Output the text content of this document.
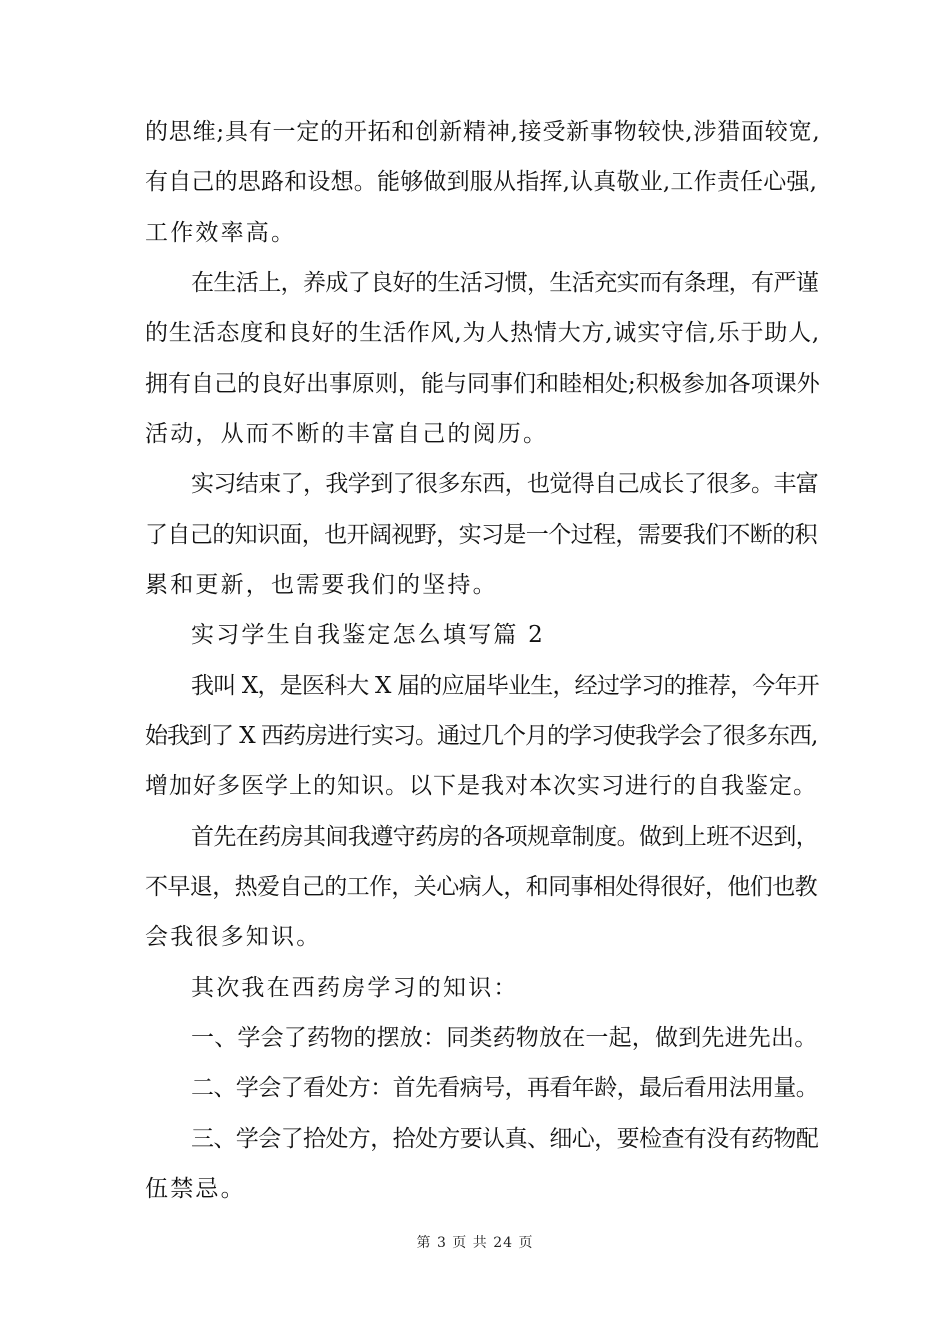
的思维;具有一定的开拓和创新精神,接受新事物较快,涉猎面较宽,
有自己的思路和设想。能够做到服从指挥,认真敬业,工作责任心强,
工作效率高。
在生活上，养成了良好的生活习惯，生活充实而有条理，有严谨
的生活态度和良好的生活作风,为人热情大方,诚实守信,乐于助人,
拥有自己的良好出事原则，能与同事们和睦相处;积极参加各项课外
活动，从而不断的丰富自己的阅历。
实习结束了，我学到了很多东西，也觉得自己成长了很多。丰富
了自己的知识面，也开阔视野，实习是一个过程，需要我们不断的积
累和更新，也需要我们的坚持。
实习学生自我鉴定怎么填写篇 2
我叫 X，是医科大 X 届的应届毕业生，经过学习的推荐，今年开
始我到了 X 西药房进行实习。通过几个月的学习使我学会了很多东西,
增加好多医学上的知识。以下是我对本次实习进行的自我鉴定。
首先在药房其间我遵守药房的各项规章制度。做到上班不迟到，
不早退，热爱自己的工作，关心病人，和同事相处得很好，他们也教
会我很多知识。
其次我在西药房学习的知识：
一、学会了药物的摆放：同类药物放在一起，做到先进先出。
二、学会了看处方：首先看病号，再看年龄，最后看用法用量。
三、学会了拾处方，拾处方要认真、细心，要检查有没有药物配
伍禁忌。
第 3 页 共 24 页
